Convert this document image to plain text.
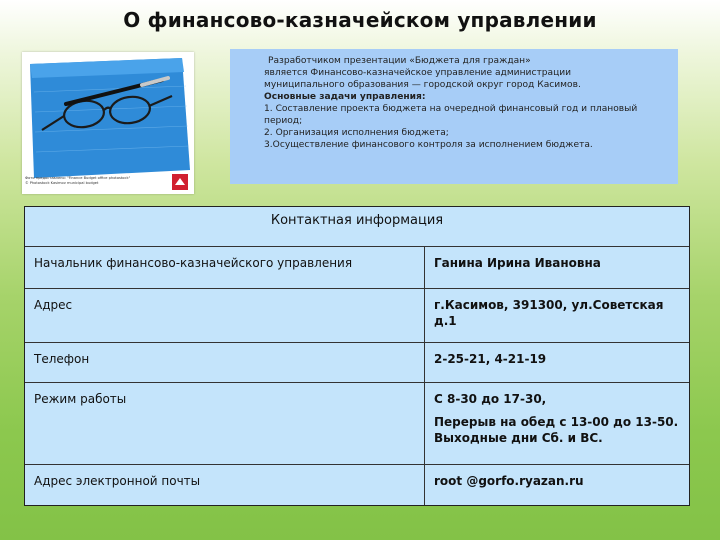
О финансово-казначейском управлении
Фото предоставлено: "Finance Budget office photostock"
© Photostock Kasimov municipal budget
Разработчиком презентации «Бюджета для граждан»
является Финансово-казначейское управление администрации
муниципального образования — городской округ город Касимов.
Основные задачи управления:
1. Составление проекта бюджета на очередной финансовый год и плановый
период;
2. Организация исполнения бюджета;
3.Осуществление финансового контроля за исполнением бюджета.
Контактная информация
Начальник финансово-казначейского управления	Ганина Ирина Ивановна
Адрес	г.Касимов, 391300, ул.Советская д.1
Телефон	2-25-21, 4-21-19
Режим работы	С 8-30 до 17-30,
Перерыв на обед с 13-00 до 13-50. Выходные дни Сб. и ВС.
Адрес электронной почты	root @gorfo.ryazan.ru
